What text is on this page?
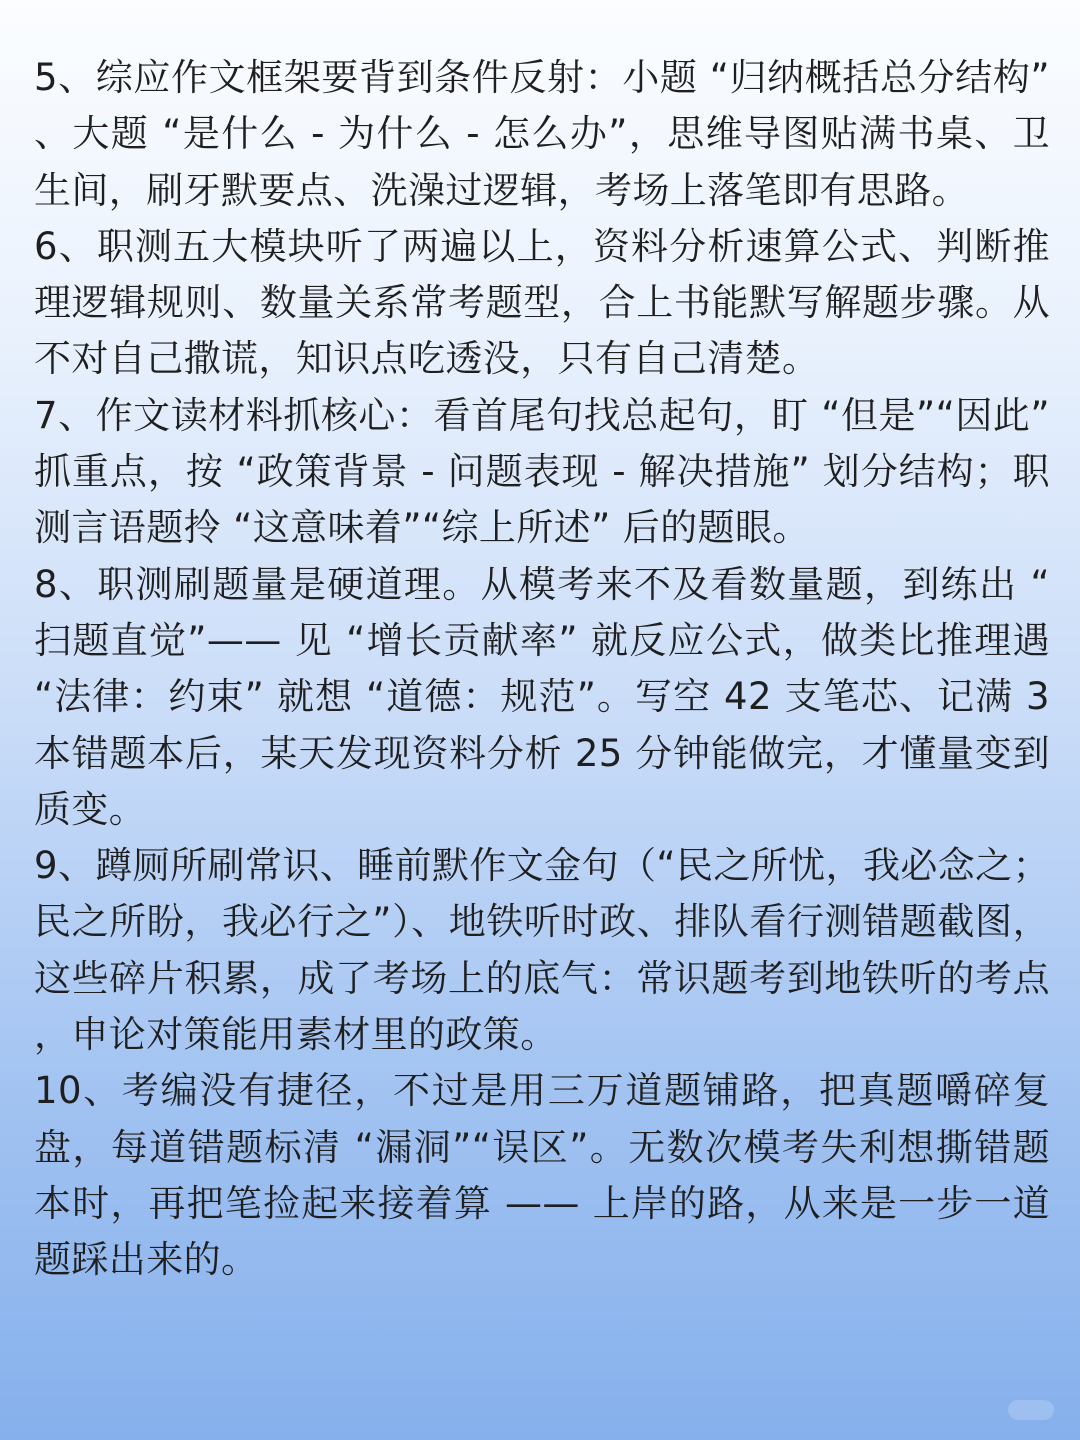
5、综应作文框架要背到条件反射：小题 “归纳概括总分结构”、大题 “是什么 - 为什么 - 怎么办”，思维导图贴满书桌、卫生间，刷牙默要点、洗澡过逻辑，考场上落笔即有思路。

6、职测五大模块听了两遍以上，资料分析速算公式、判断推理逻辑规则、数量关系常考题型，合上书能默写解题步骤。从不对自己撒谎，知识点吃透没，只有自己清楚。

7、作文读材料抓核心：看首尾句找总起句，盯 “但是”“因此” 抓重点，按 “政策背景 - 问题表现 - 解决措施” 划分结构；职测言语题拎 “这意味着”“综上所述” 后的题眼。

8、职测刷题量是硬道理。从模考来不及看数量题，到练出 “扫题直觉”—— 见 “增长贡献率” 就反应公式，做类比推理遇 “法律：约束” 就想 “道德：规范”。写空 42 支笔芯、记满 3 本错题本后，某天发现资料分析 25 分钟能做完，才懂量变到质变。

9、蹲厕所刷常识、睡前默作文金句（“民之所忧，我必念之；民之所盼，我必行之”）、地铁听时政、排队看行测错题截图，这些碎片积累，成了考场上的底气：常识题考到地铁听的考点，申论对策能用素材里的政策。

10、考编没有捷径，不过是用三万道题铺路，把真题嚼碎复盘，每道错题标清 “漏洞”“误区”。无数次模考失利想撕错题本时，再把笔捡起来接着算 —— 上岸的路，从来是一步一道题踩出来的。
